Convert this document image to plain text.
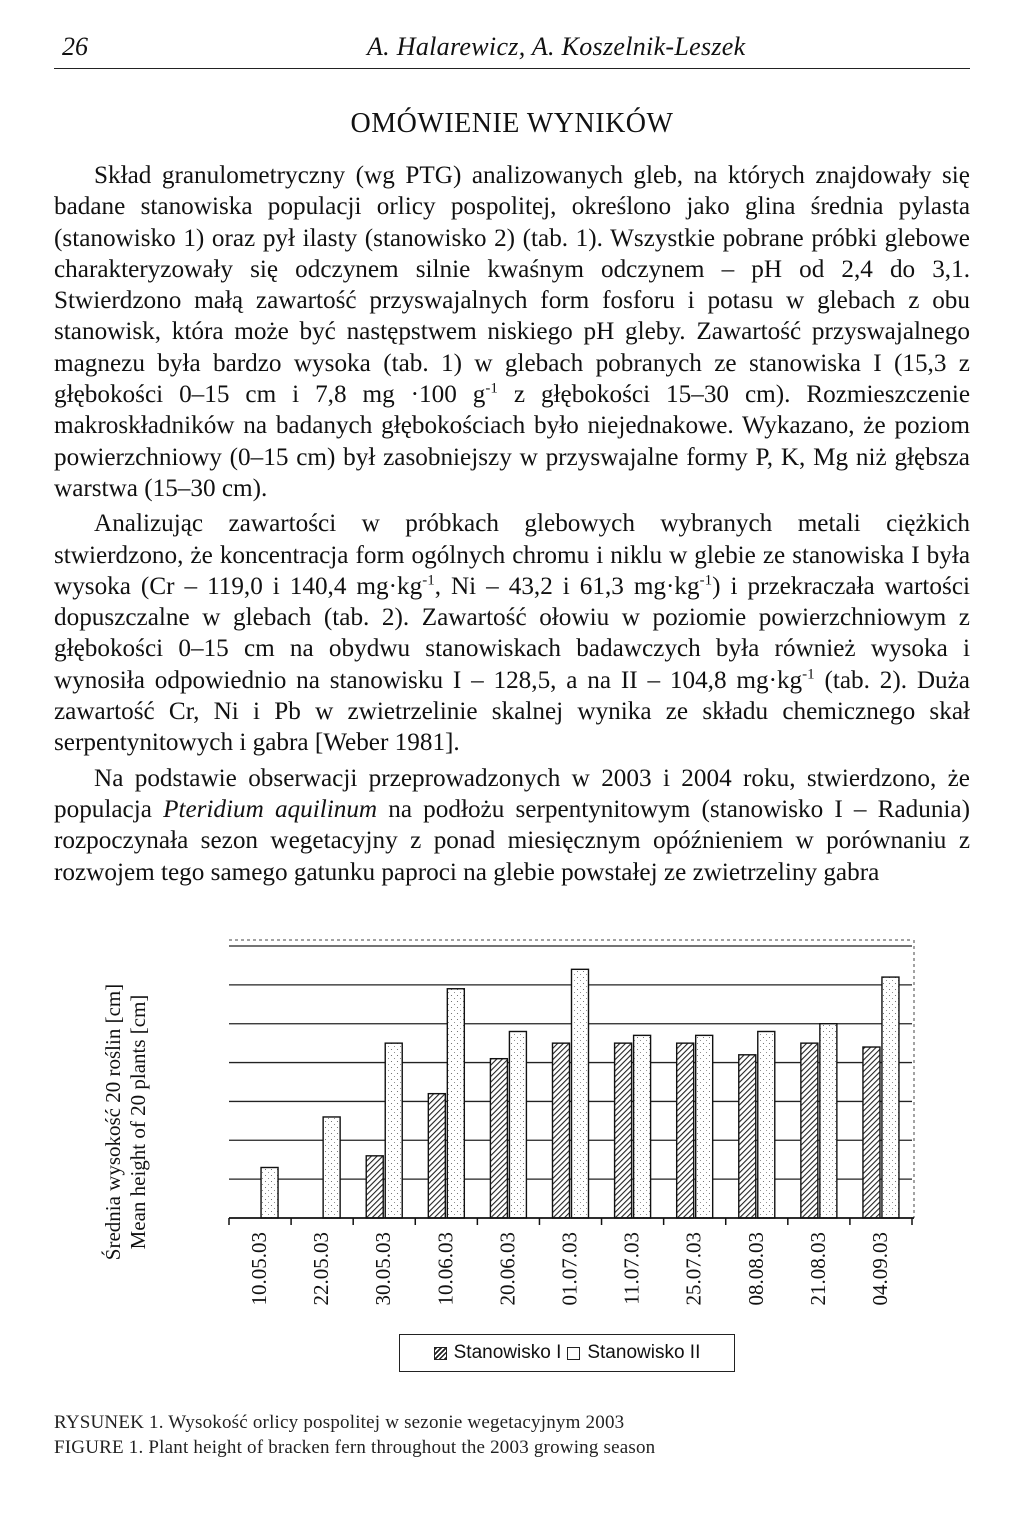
26	A. Halarewicz, A. Koszelnik-Leszek
OMÓWIENIE WYNIKÓW

Skład granulometryczny (wg PTG) analizowanych gleb, na których znajdowały się badane stanowiska populacji orlicy pospolitej, określono jako glina średnia pylasta (stanowisko 1) oraz pył ilasty (stanowisko 2) (tab. 1). Wszystkie pobrane próbki glebowe charakteryzowały się odczynem silnie kwaśnym odczynem – pH od 2,4 do 3,1. Stwierdzono małą zawartość przyswajalnych form fosforu i potasu w glebach z obu stanowisk, która może być następstwem niskiego pH gleby. Zawartość przyswajalnego magnezu była bardzo wysoka (tab. 1) w glebach pobranych ze stanowiska I (15,3 z głębokości 0–15 cm i 7,8 mg ·100 $g^{-1}$ z głębokości 15–30 cm). Rozmieszczenie makroskładników na badanych głębokościach było niejednakowe. Wykazano, że poziom powierzchniowy (0–15 cm) był zasobniejszy w przyswajalne formy P, K, Mg niż głębsza warstwa (15–30 cm).

Analizując zawartości w próbkach glebowych wybranych metali ciężkich stwierdzono, że koncentracja form ogólnych chromu i niklu w glebie ze stanowiska I była wysoka (Cr – 119,0 i 140,4 $mg\cdot kg^{-1}$, Ni – 43,2 i 61,3 $mg\cdot kg^{-1}$) i przekraczała wartości dopuszczalne w glebach (tab. 2). Zawartość ołowiu w poziomie powierzchniowym z głębokości 0–15 cm na obydwu stanowiskach badawczych była również wysoka i wynosiła odpowiednio na stanowisku I – 128,5, a na II – 104,8 $mg\cdot kg^{-1}$ (tab. 2). Duża zawartość Cr, Ni i Pb w zwietrzelinie skalnej wynika ze składu chemicznego skał serpentynitowych i gabra [Weber 1981].

Na podstawie obserwacji przeprowadzonych w 2003 i 2004 roku, stwierdzono, że populacja Pteridium aquilinum na podłożu serpentynitowym (stanowisko I – Radunia) rozpoczynała sezon wegetacyjny z ponad miesięcznym opóźnieniem w porównaniu z rozwojem tego samego gatunku paproci na glebie powstałej ze zwietrzeliny gabra

10.05.03 22.05.03 30.05.03 10.06.03 20.06.03 01.07.03 11.07.03 25.07.03 08.08.03 21.08.03 04.09.03
Średnia wysokość 20 roślin [cm] Mean height of 20 plants [cm]
Stanowisko I Stanowisko II
RYSUNEK 1. Wysokość orlicy pospolitej w sezonie wegetacyjnym 2003
FIGURE 1. Plant height of bracken fern throughout the 2003 growing season
